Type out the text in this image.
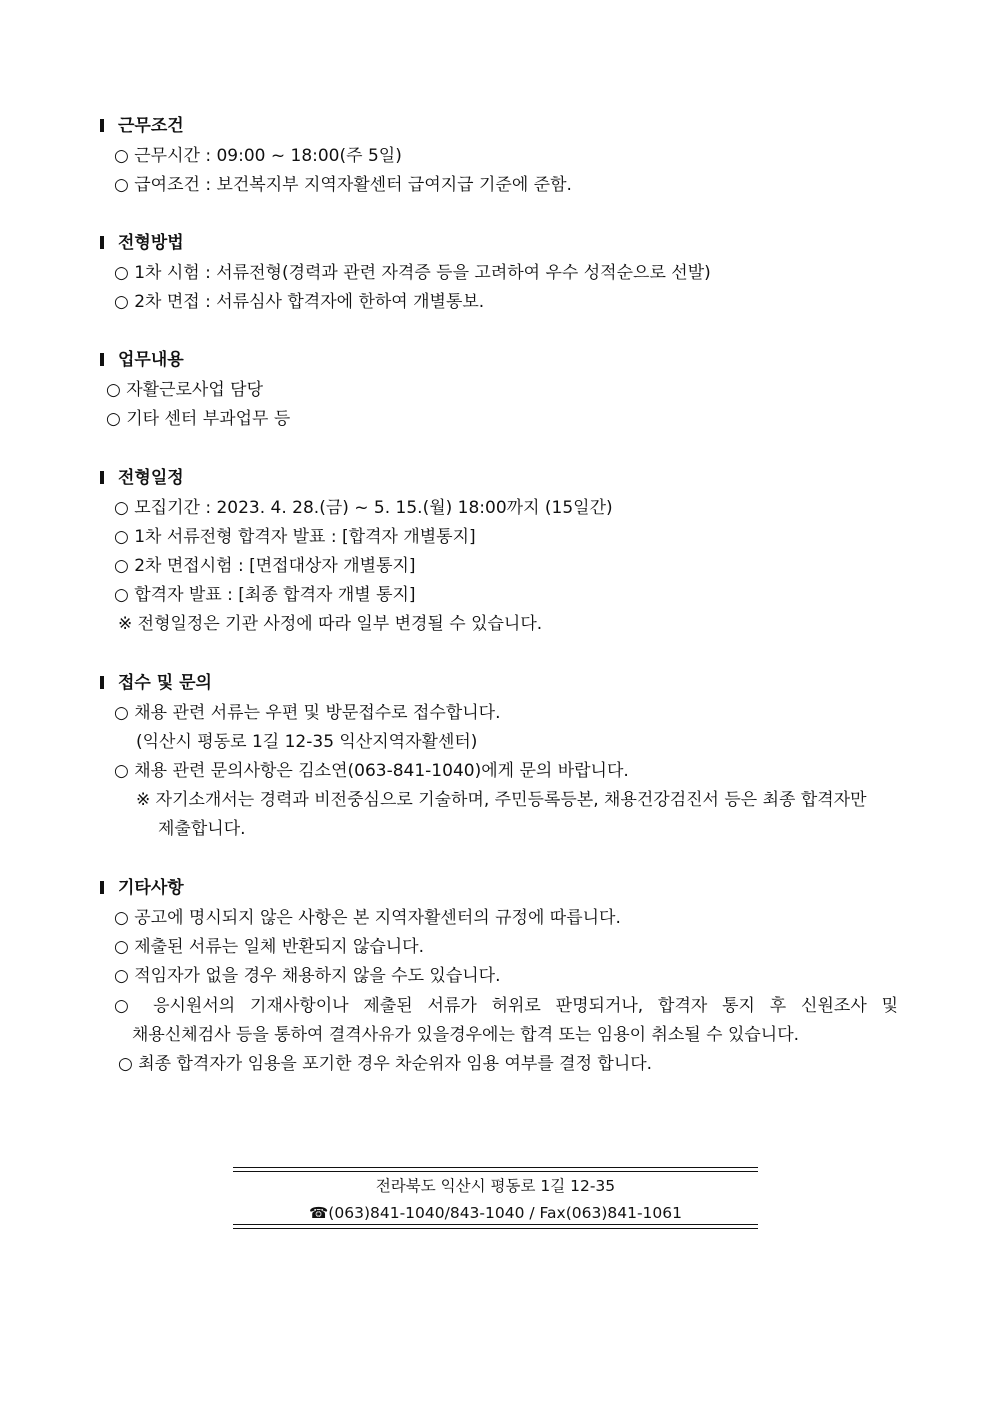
근무조건
○ 근무시간 : 09:00 ~ 18:00(주 5일)
○ 급여조건 : 보건복지부 지역자활센터 급여지급 기준에 준함.
전형방법
○ 1차 시험 : 서류전형(경력과 관련 자격증 등을 고려하여 우수 성적순으로 선발)
○ 2차 면접 : 서류심사 합격자에 한하여 개별통보.
업무내용
○ 자활근로사업 담당
○ 기타 센터 부과업무 등
전형일정
○ 모집기간 : 2023. 4. 28.(금) ~ 5. 15.(월) 18:00까지 (15일간)
○ 1차 서류전형 합격자 발표 : [합격자 개별통지]
○ 2차 면접시험 : [면접대상자 개별통지]
○ 합격자 발표 : [최종 합격자 개별 통지]
※ 전형일정은 기관 사정에 따라 일부 변경될 수 있습니다.
접수 및 문의
○ 채용 관련 서류는 우편 및 방문접수로 접수합니다.
(익산시 평동로 1길 12-35 익산지역자활센터)
○ 채용 관련 문의사항은 김소연(063-841-1040)에게 문의 바랍니다.
※ 자기소개서는 경력과 비전중심으로 기술하며, 주민등록등본, 채용건강검진서 등은 최종 합격자만
제출합니다.
기타사항
○ 공고에 명시되지 않은 사항은 본 지역자활센터의 규정에 따릅니다.
○ 제출된 서류는 일체 반환되지 않습니다.
○ 적임자가 없을 경우 채용하지 않을 수도 있습니다.
○ 응시원서의 기재사항이나 제출된 서류가 허위로 판명되거나, 합격자 통지 후 신원조사 및
채용신체검사 등을 통하여 결격사유가 있을경우에는 합격 또는 임용이 취소될 수 있습니다.
○ 최종 합격자가 임용을 포기한 경우 차순위자 임용 여부를 결정 합니다.
전라북도 익산시 평동로 1길 12-35
☎(063)841-1040/843-1040 / Fax(063)841-1061
